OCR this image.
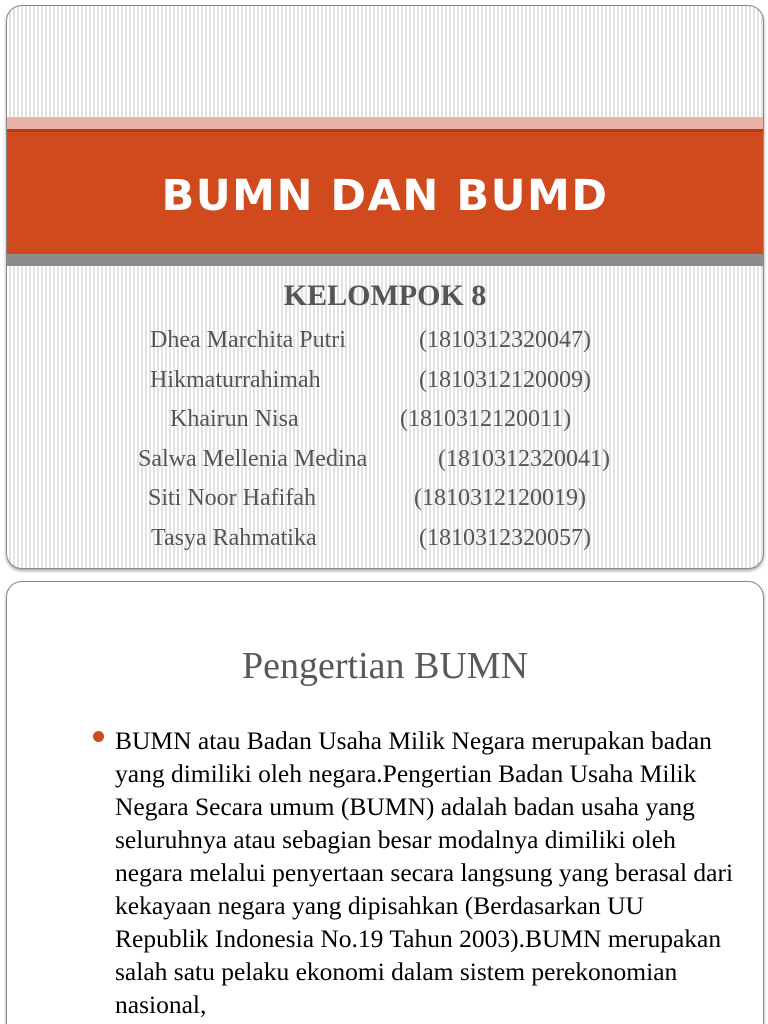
BUMN DAN BUMD
KELOMPOK 8
Dhea Marchita Putri	(1810312320047)
Hikmaturrahimah	(1810312120009)
Khairun Nisa	(1810312120011)
Salwa Mellenia Medina	(1810312320041)
Siti Noor Hafifah	(1810312120019)
Tasya Rahmatika	(1810312320057)
Pengertian BUMN
BUMN atau Badan Usaha Milik Negara merupakan badan yang dimiliki oleh negara.Pengertian Badan Usaha Milik Negara Secara umum (BUMN) adalah badan usaha yang seluruhnya atau sebagian besar modalnya dimiliki oleh negara melalui penyertaan secara langsung yang berasal dari kekayaan negara yang dipisahkan (Berdasarkan UU Republik Indonesia No.19 Tahun 2003).BUMN merupakan salah satu pelaku ekonomi dalam sistem perekonomian nasional,
